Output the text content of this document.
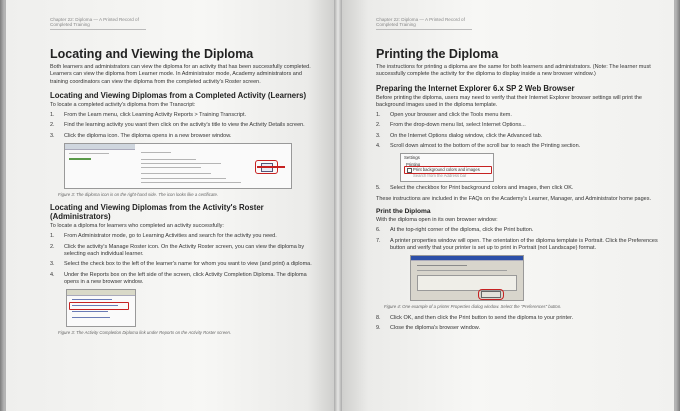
Chapter 22: Diploma — A Printed Record of Completed Training
Locating and Viewing the Diploma

Both learners and administrators can view the diploma for an activity that has been successfully completed. Learners can view the diploma from Learner mode. In Administrator mode, Academy administrators and training coordinators can view the diploma from the completed activity's Roster screen.

Locating and Viewing Diplomas from a Completed Activity (Learners)

To locate a completed activity's diploma from the Transcript:

1. From the Learn menu, click Learning Activity Reports > Training Transcript.
2. Find the learning activity you want then click on the activity's title to view the Activity Details screen.
3. Click the diploma icon. The diploma opens in a new browser window.
Figure 3: The diploma icon is on the right-hand side. The icon looks like a certificate.
Locating and Viewing Diplomas from the Activity's Roster (Administrators)

To locate a diploma for learners who completed an activity successfully:

1. From Administrator mode, go to Learning Activities and search for the activity you need.
2. Click the activity's Manage Roster icon. On the Activity Roster screen, you can view the diploma by selecting each individual learner.
3. Select the check box to the left of the learner's name for whom you want to view (and print) a diploma.
4. Under the Reports box on the left side of the screen, click Activity Completion Diploma. The diploma opens in a new browser window.
Figure 3: The Activity Completion Diploma link under Reports on the Activity Roster screen.
Chapter 22: Diploma — A Printed Record of Completed Training
Printing the Diploma

The instructions for printing a diploma are the same for both learners and administrators. (Note: The learner must successfully complete the activity for the diploma to display inside a new browser window.)

Preparing the Internet Explorer 6.x SP 2 Web Browser

Before printing the diploma, users may need to verify that their Internet Explorer browser settings will print the background images used in the diploma template.

1. Open your browser and click the Tools menu item.
2. From the drop-down menu list, select Internet Options...
3. On the Internet Options dialog window, click the Advanced tab.
4. Scroll down almost to the bottom of the scroll bar to reach the Printing section.
Settings
Printing
Print background colors and images
Search from the Address bar
5. Select the checkbox for Print background colors and images, then click OK.

These instructions are included in the FAQs on the Academy's Learner, Manager, and Administrator home pages.

Print the Diploma

With the diploma open in its own browser window:

6. At the top-right corner of the diploma, click the Print button.
7. A printer properties window will open. The orientation of the diploma template is Portrait. Click the Preferences button and verify that your printer is set up to print in Portrait (not Landscape) format.
Figure 4: One example of a printer Properties dialog window. Select the "Preferences" button.
8. Click OK, and then click the Print button to send the diploma to your printer.
9. Close the diploma's browser window.
